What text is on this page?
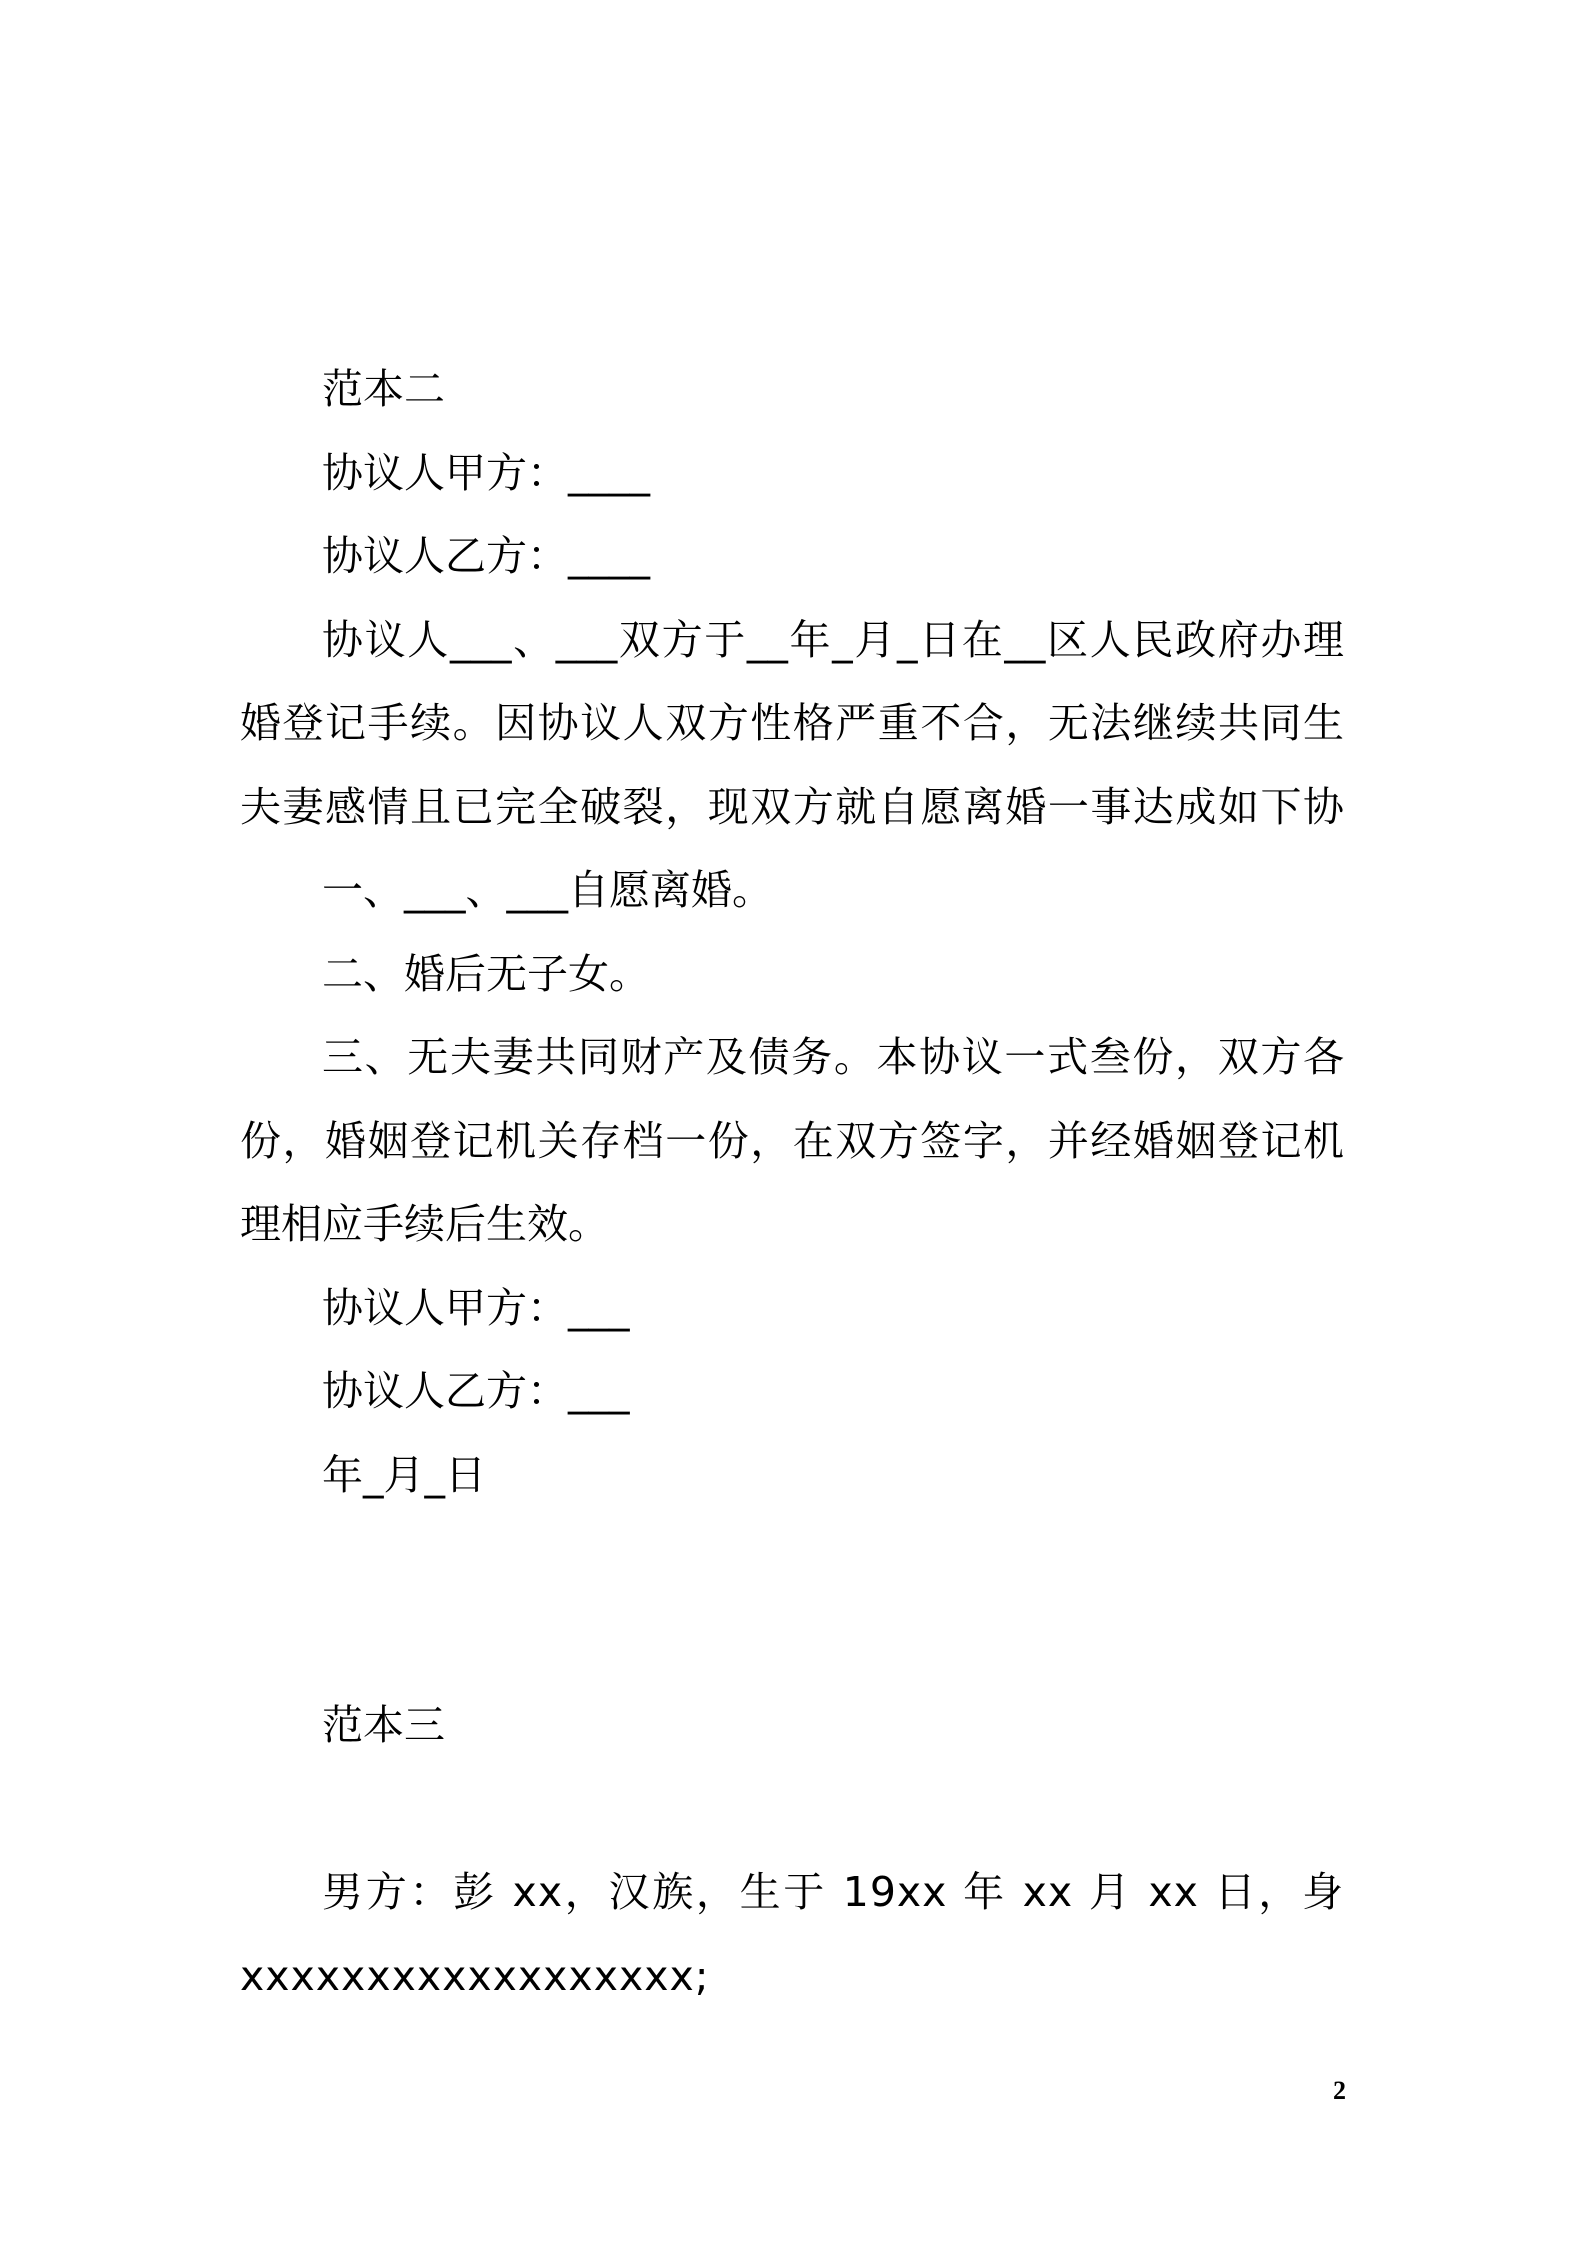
范本二
协议人甲方：____
协议人乙方：____
协议人___、___双方于__年_月_日在__区人民政府办理
婚登记手续。因协议人双方性格严重不合，无法继续共同生
夫妻感情且已完全破裂，现双方就自愿离婚一事达成如下协
一、___、___自愿离婚。
二、婚后无子女。
三、无夫妻共同财产及债务。本协议一式叁份，双方各
份，婚姻登记机关存档一份，在双方签字，并经婚姻登记机
理相应手续后生效。
协议人甲方：___
协议人乙方：___
年_月_日
范本三
男方：彭 xx，汉族，生于 19xx 年 xx 月 xx 日，身
xxxxxxxxxxxxxxxxxx;
2
